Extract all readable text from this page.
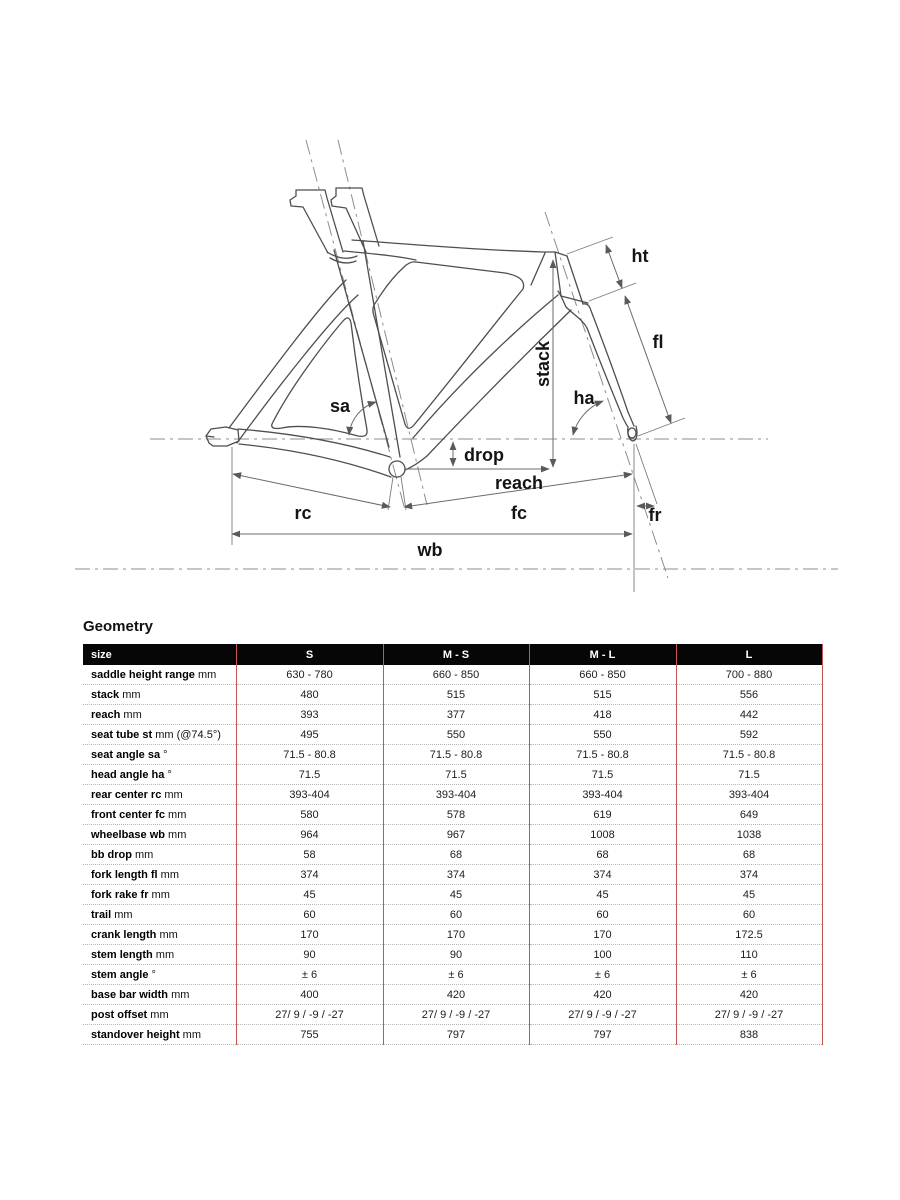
sa
ht
fl
ha
stack
drop
reach
rc	fc	fr
wb
Geometry
size	S	M - S	M - L	L
saddle height range mm	630 - 780	660 - 850	660 - 850	700 - 880
stack mm	480	515	515	556
reach mm	393	377	418	442
seat tube st mm (@74.5°)	495	550	550	592
seat angle sa °	71.5 - 80.8	71.5 - 80.8	71.5 - 80.8	71.5 - 80.8
head angle ha °	71.5	71.5	71.5	71.5
rear center rc mm	393-404	393-404	393-404	393-404
front center fc mm	580	578	619	649
wheelbase wb mm	964	967	1008	1038
bb drop mm	58	68	68	68
fork length fl mm	374	374	374	374
fork rake fr mm	45	45	45	45
trail mm	60	60	60	60
crank length mm	170	170	170	172.5
stem length mm	90	90	100	110
stem angle °	± 6	± 6	± 6	± 6
base bar width mm	400	420	420	420
post offset mm	27/ 9 / -9 / -27	27/ 9 / -9 / -27	27/ 9 / -9 / -27	27/ 9 / -9 / -27
standover height mm	755	797	797	838
